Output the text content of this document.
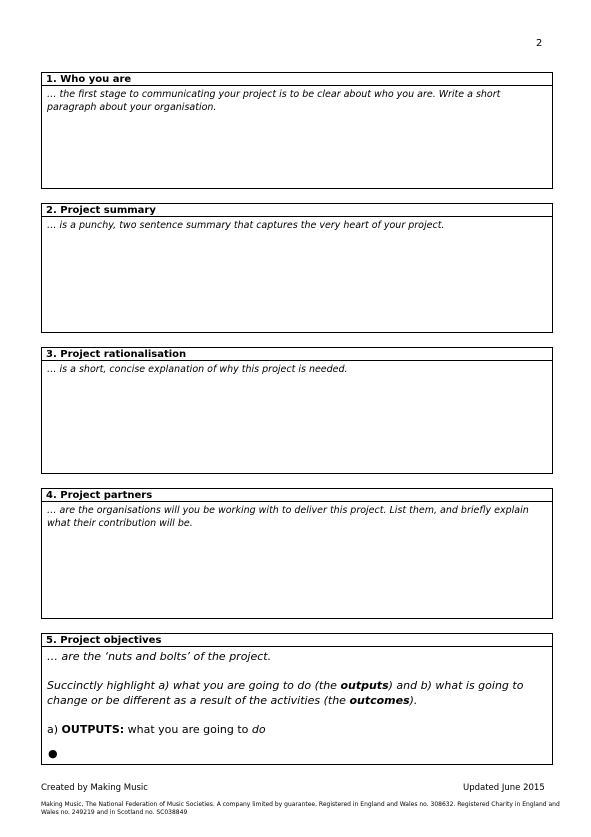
2
1. Who you are
… the first stage to communicating your project is to be clear about who you are. Write a short paragraph about your organisation.
2. Project summary
… is a punchy, two sentence summary that captures the very heart of your project.
3. Project rationalisation
… is a short, concise explanation of why this project is needed.
4. Project partners
… are the organisations will you be working with to deliver this project. List them, and briefly explain what their contribution will be.
5. Project objectives

… are the ‘nuts and bolts’ of the project.

Succinctly highlight a) what you are going to do (the outputs) and b) what is going to change or be different as a result of the activities (the outcomes).

a) OUTPUTS: what you are going to do

●
Created by Making Music	Updated June 2015
Making Music, The National Federation of Music Societies. A company limited by guarantee. Registered in England and Wales no. 308632. Registered Charity in England and Wales no. 249219 and in Scotland no. SC038849
